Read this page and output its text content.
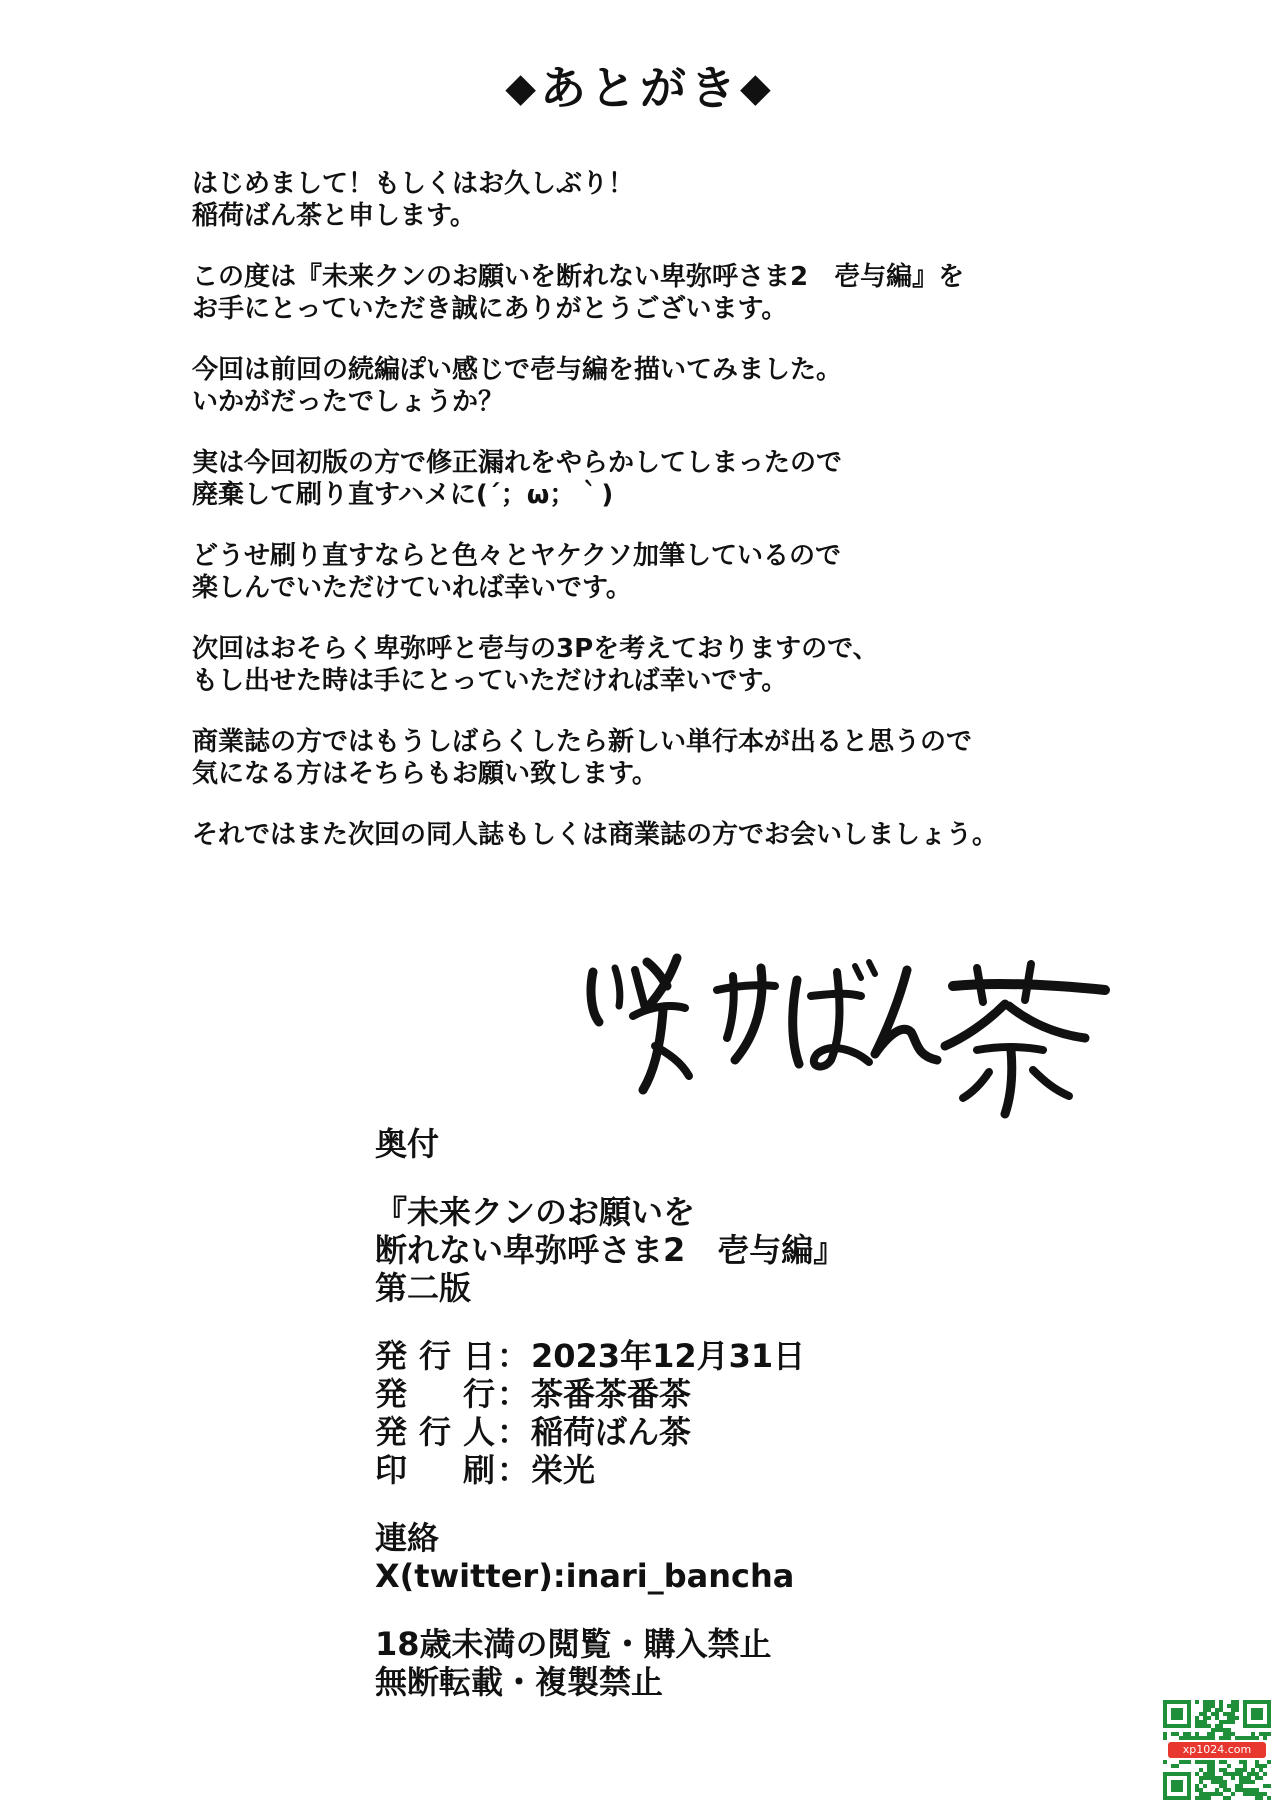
◆あとがき◆

はじめまして！もしくはお久しぶり！
稲荷ばん茶と申します。

この度は『未来クンのお願いを断れない卑弥呼さま2　壱与編』を
お手にとっていただき誠にありがとうございます。

今回は前回の続編ぽい感じで壱与編を描いてみました。
いかがだったでしょうか？

実は今回初版の方で修正漏れをやらかしてしまったので
廃棄して刷り直すハメに(´；ω；｀)

どうせ刷り直すならと色々とヤケクソ加筆しているので
楽しんでいただけていれば幸いです。

次回はおそらく卑弥呼と壱与の3Pを考えておりますので、
もし出せた時は手にとっていただければ幸いです。

商業誌の方ではもうしばらくしたら新しい単行本が出ると思うので
気になる方はそちらもお願い致します。

それではまた次回の同人誌もしくは商業誌の方でお会いしましょう。

奥付
『未来クンのお願いを
断れない卑弥呼さま2　壱与編』
第二版
発行日 ： 2023年12月31日
発行 ： 茶番茶番茶
発行人 ： 稲荷ばん茶
印刷 ： 栄光
連絡
X(twitter):inari_bancha
18歳未満の閲覧・購入禁止
無断転載・複製禁止
xp1024.com
